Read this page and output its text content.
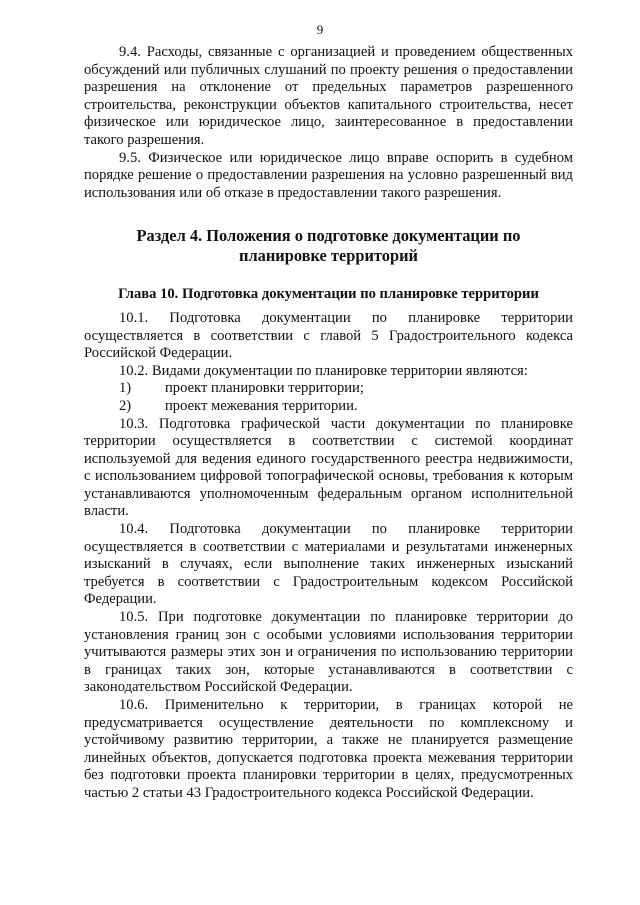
9

9.4. Расходы, связанные с организацией и проведением общественных обсуждений или публичных слушаний по проекту решения о предоставлении разрешения на отклонение от предельных параметров разрешенного строительства, реконструкции объектов капитального строительства, несет физическое или юридическое лицо, заинтересованное в предоставлении такого разрешения.

9.5. Физическое или юридическое лицо вправе оспорить в судебном порядке решение о предоставлении разрешения на условно разрешенный вид использования или об отказе в предоставлении такого разрешения.

Раздел 4. Положения о подготовке документации по
планировке территорий
Глава 10. Подготовка документации по планировке территории

10.1. Подготовка документации по планировке территории осуществляется в соответствии с главой 5 Градостроительного кодекса Российской Федерации.

10.2. Видами документации по планировке территории являются:

1)	проект планировки территории;
2)	проект межевания территории.

10.3. Подготовка графической части документации по планировке территории осуществляется в соответствии с системой координат используемой для ведения единого государственного реестра недвижимости, с использованием цифровой топографической основы, требования к которым устанавливаются уполномоченным федеральным органом исполнительной власти.

10.4. Подготовка документации по планировке территории осуществляется в соответствии с материалами и результатами инженерных изысканий в случаях, если выполнение таких инженерных изысканий требуется в соответствии с Градостроительным кодексом Российской Федерации.

10.5. При подготовке документации по планировке территории до установления границ зон с особыми условиями использования территории учитываются размеры этих зон и ограничения по использованию территории в границах таких зон, которые устанавливаются в соответствии с законодательством Российской Федерации.

10.6. Применительно к территории, в границах которой не предусматривается осуществление деятельности по комплексному и устойчивому развитию территории, а также не планируется размещение линейных объектов, допускается подготовка проекта межевания территории без подготовки проекта планировки территории в целях, предусмотренных частью 2 статьи 43 Градостроительного кодекса Российской Федерации.
